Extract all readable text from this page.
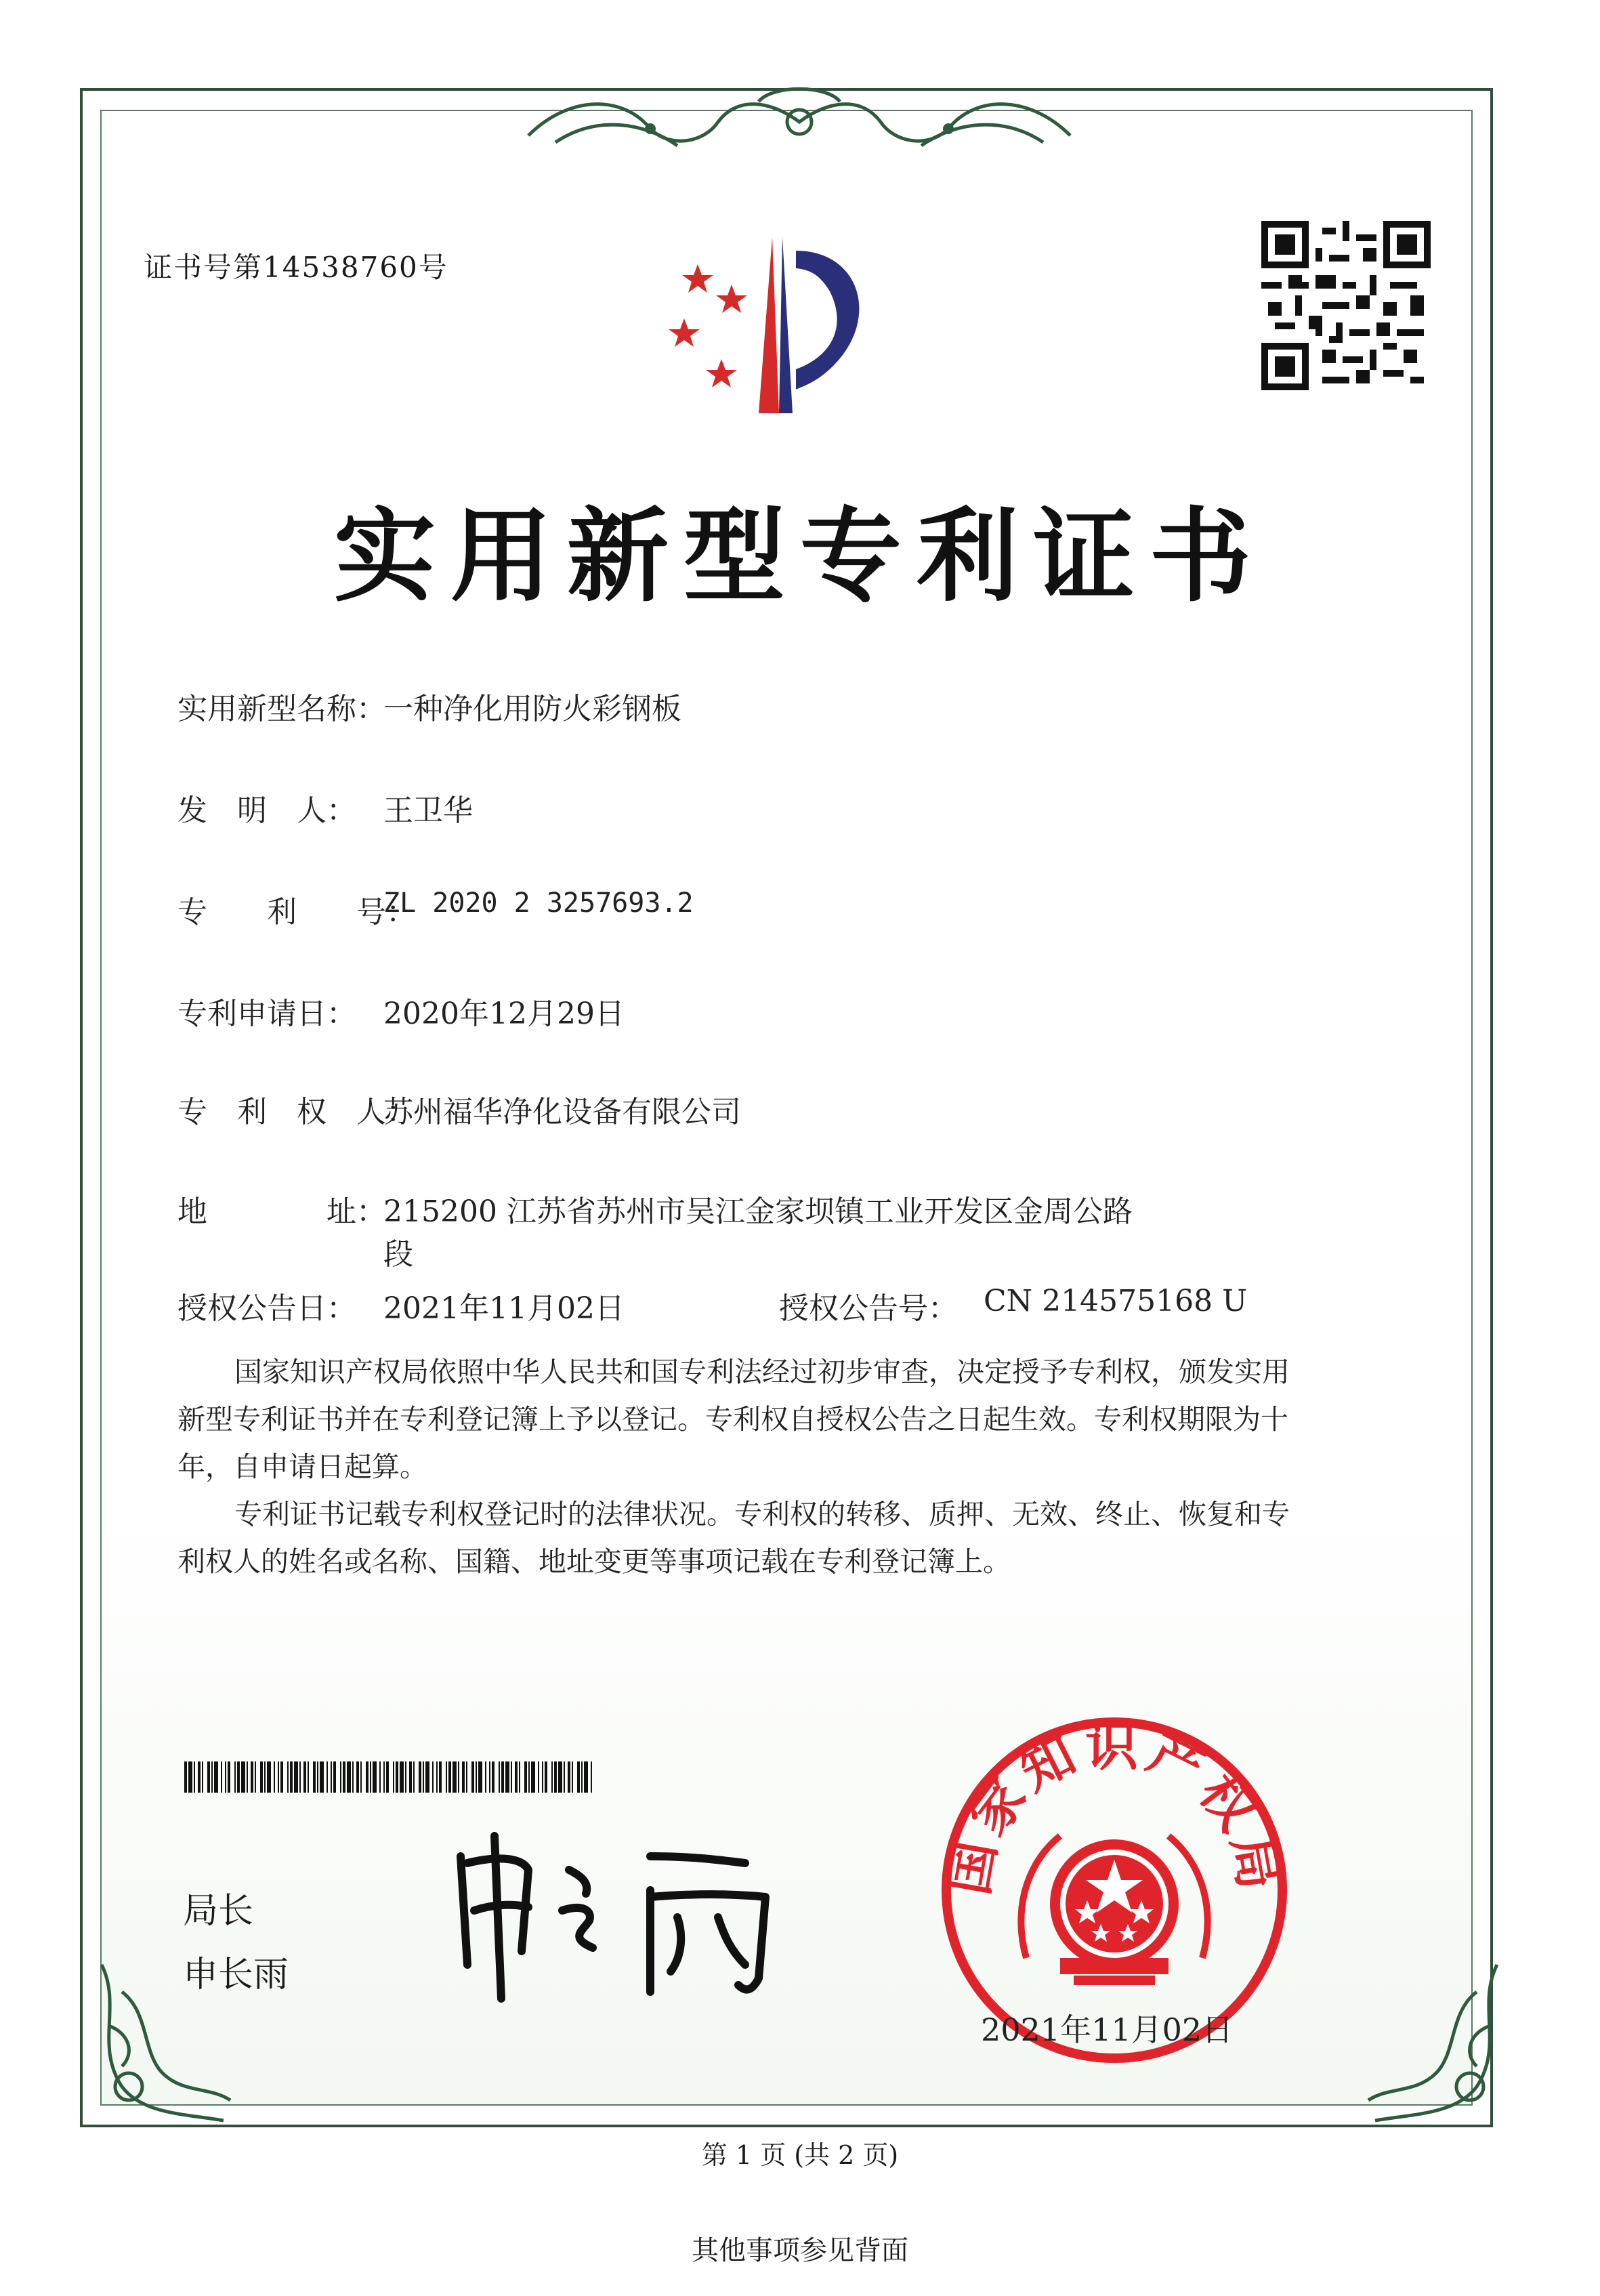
证书号第14538760号
实用新型专利证书
实用新型名称：
一种净化用防火彩钢板
发　明　人： 王卫华
专　　利　　号：
ZL 2020 2 3257693.2
专利申请日： 2020年12月29日
专　利　权　人：
苏州福华净化设备有限公司
地　　　　址：
215200 江苏省苏州市吴江金家坝镇工业开发区金周公路
段
授权公告日： 2021年11月02日	授权公告号： CN 214575168 U
国家知识产权局依照中华人民共和国专利法经过初步审查，决定授予专利权，颁发实用
新型专利证书并在专利登记簿上予以登记。专利权自授权公告之日起生效。专利权期限为十
年，自申请日起算。
专利证书记载专利权登记时的法律状况。专利权的转移、质押、无效、终止、恢复和专
利权人的姓名或名称、国籍、地址变更等事项记载在专利登记簿上。
局长
申长雨
国家知识产权局
2021年11月02日
第 1 页 (共 2 页)
其他事项参见背面
